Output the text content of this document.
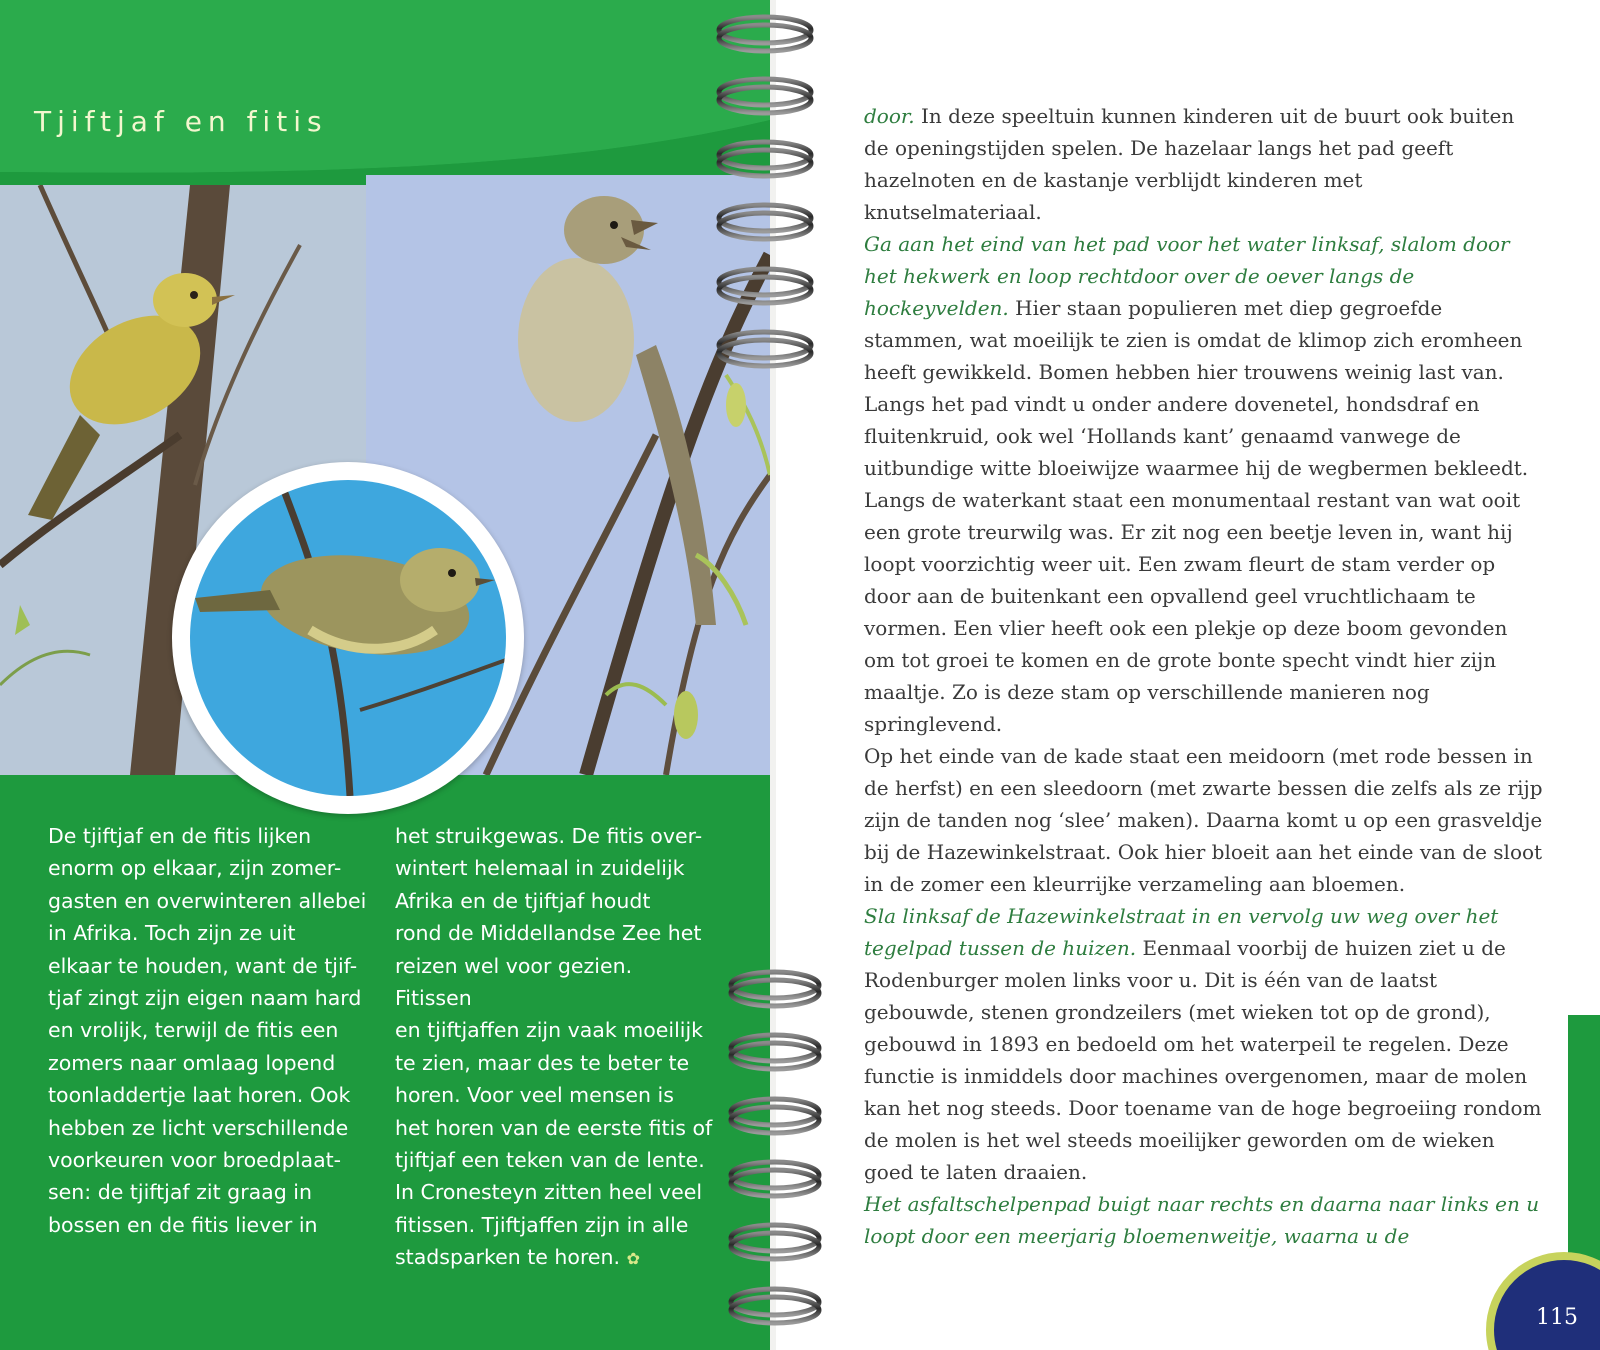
Tjiftjaf en fitis

De tjiftjaf en de fitis lijken
enorm op elkaar, zijn zomer-
gasten en overwinteren allebei
in Afrika. Toch zijn ze uit
elkaar te houden, want de tjif-
tjaf zingt zijn eigen naam hard
en vrolijk, terwijl de fitis een
zomers naar omlaag lopend
toonladdertje laat horen. Ook
hebben ze licht verschillende
voorkeuren voor broedplaat-
sen: de tjiftjaf zit graag in
bossen en de fitis liever in

het struikgewas. De fitis over-
wintert helemaal in zuidelijk
Afrika en de tjiftjaf houdt
rond de Middellandse Zee het
reizen wel voor gezien. Fitissen
en tjiftjaffen zijn vaak moeilijk
te zien, maar des te beter te
horen. Voor veel mensen is
het horen van de eerste fitis of
tjiftjaf een teken van de lente.
In Cronesteyn zitten heel veel
fitissen. Tjiftjaffen zijn in alle
stadsparken te horen. ✿

115

door. In deze speeltuin kunnen kinderen uit de buurt ook buiten de openingstijden spelen. De hazelaar langs het pad geeft hazelnoten en de kastanje verblijdt kinderen met knutselmateriaal.

Ga aan het eind van het pad voor het water linksaf, slalom door het hekwerk en loop rechtdoor over de oever langs de hockeyvelden. Hier staan populieren met diep gegroefde stammen, wat moeilijk te zien is omdat de klimop zich eromheen heeft gewikkeld. Bomen hebben hier trouwens weinig last van. Langs het pad vindt u onder andere dovenetel, hondsdraf en fluitenkruid, ook wel ‘Hollands kant’ genaamd vanwege de uitbundige witte bloeiwijze waarmee hij de wegbermen bekleedt. Langs de waterkant staat een monumentaal restant van wat ooit een grote treurwilg was. Er zit nog een beetje leven in, want hij loopt voorzichtig weer uit. Een zwam fleurt de stam verder op door aan de buitenkant een opvallend geel vruchtlichaam te vormen. Een vlier heeft ook een plekje op deze boom gevonden om tot groei te komen en de grote bonte specht vindt hier zijn maaltje. Zo is deze stam op verschillende manieren nog springlevend.

Op het einde van de kade staat een meidoorn (met rode bessen in de herfst) en een sleedoorn (met zwarte bessen die zelfs als ze rijp zijn de tanden nog ‘slee’ maken). Daarna komt u op een grasveldje bij de Hazewinkelstraat. Ook hier bloeit aan het einde van de sloot in de zomer een kleurrijke verzameling aan bloemen.

Sla linksaf de Hazewinkelstraat in en vervolg uw weg over het tegelpad tussen de huizen. Eenmaal voorbij de huizen ziet u de Rodenburger molen links voor u. Dit is één van de laatst gebouwde, stenen grondzeilers (met wieken tot op de grond), gebouwd in 1893 en bedoeld om het waterpeil te regelen. Deze functie is inmiddels door machines overgenomen, maar de molen kan het nog steeds. Door toename van de hoge begroeiing rondom de molen is het wel steeds moeilijker geworden om de wieken goed te laten draaien.

Het asfaltschelpenpad buigt naar rechts en daarna naar links en u loopt door een meerjarig bloemenweitje, waarna u de
